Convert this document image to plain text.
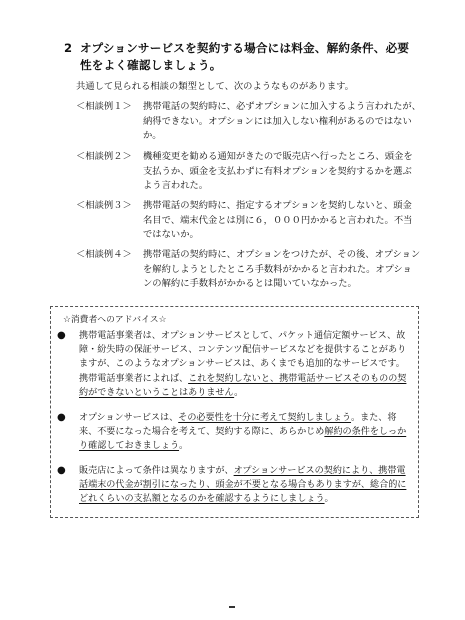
2 オプションサービスを契約する場合には料金、解約条件、必要性をよく確認しましょう。
共通して見られる相談の類型として、次のようなものがあります。
＜相談例１＞	携帯電話の契約時に、必ずオプションに加入するよう言われたが、納得できない。オプションには加入しない権利があるのではないか。
＜相談例２＞	機種変更を勧める通知がきたので販売店へ行ったところ、頭金を支払うか、頭金を支払わずに有料オプションを契約するかを選ぶよう言われた。
＜相談例３＞	携帯電話の契約時に、指定するオプションを契約しないと、頭金名目で、端末代金とは別に６，０００円かかると言われた。不当ではないか。
＜相談例４＞	携帯電話の契約時に、オプションをつけたが、その後、オプションを解約しようとしたところ手数料がかかると言われた。オプションの解約に手数料がかかるとは聞いていなかった。
☆消費者へのアドバイス☆
● 携帯電話事業者は、オプションサービスとして、パケット通信定額サービス、故障・紛失時の保証サービス、コンテンツ配信サービスなどを提供することがありますが、このようなオプションサービスは、あくまでも追加的なサービスです。携帯電話事業者によれば、これを契約しないと、携帯電話サービスそのものの契約ができないということはありません。
● オプションサービスは、その必要性を十分に考えて契約しましょう。また、将来、不要になった場合を考えて、契約する際に、あらかじめ解約の条件をしっかり確認しておきましょう。
● 販売店によって条件は異なりますが、オプションサービスの契約により、携帯電話端末の代金が割引になったり、頭金が不要となる場合もありますが、総合的にどれくらいの支払額となるのかを確認するようにしましょう。
